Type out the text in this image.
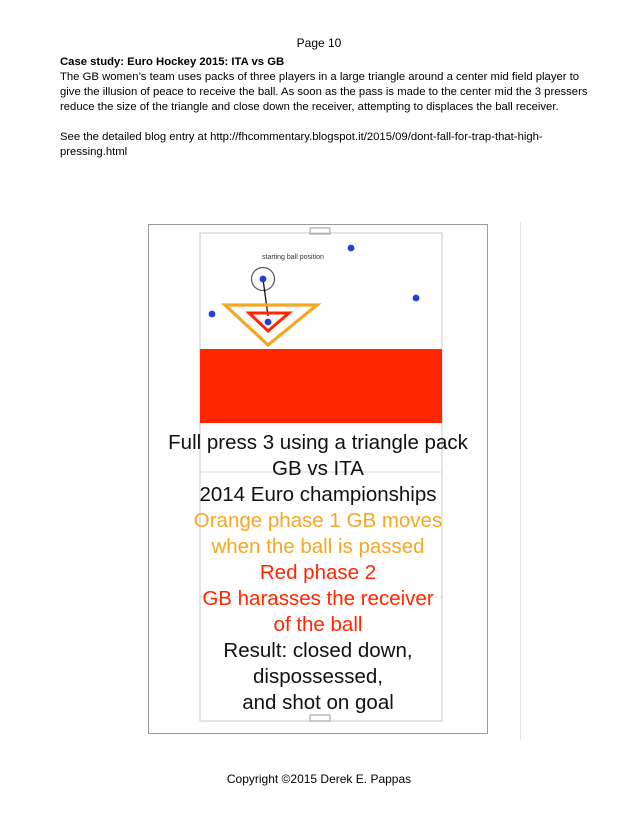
Page 10

Case study: Euro Hockey 2015: ITA vs GB

The GB women’s team uses packs of three players in a large triangle around a center mid field player to give the illusion of peace to receive the ball. As soon as the pass is made to the center mid the 3 pressers reduce the size of the triangle and close down the receiver, attempting to displaces the ball receiver.

See the detailed blog entry at http://fhcommentary.blogspot.it/2015/09/dont-fall-for-trap-that-high-pressing.html

starting ball position
Full press 3 using a triangle pack
GB vs ITA
2014 Euro championships
Orange phase 1 GB moves
when the ball is passed
Red phase 2
GB harasses the receiver
of the ball
Result: closed down,
dispossessed,
and shot on goal
Copyright ©2015 Derek E. Pappas
